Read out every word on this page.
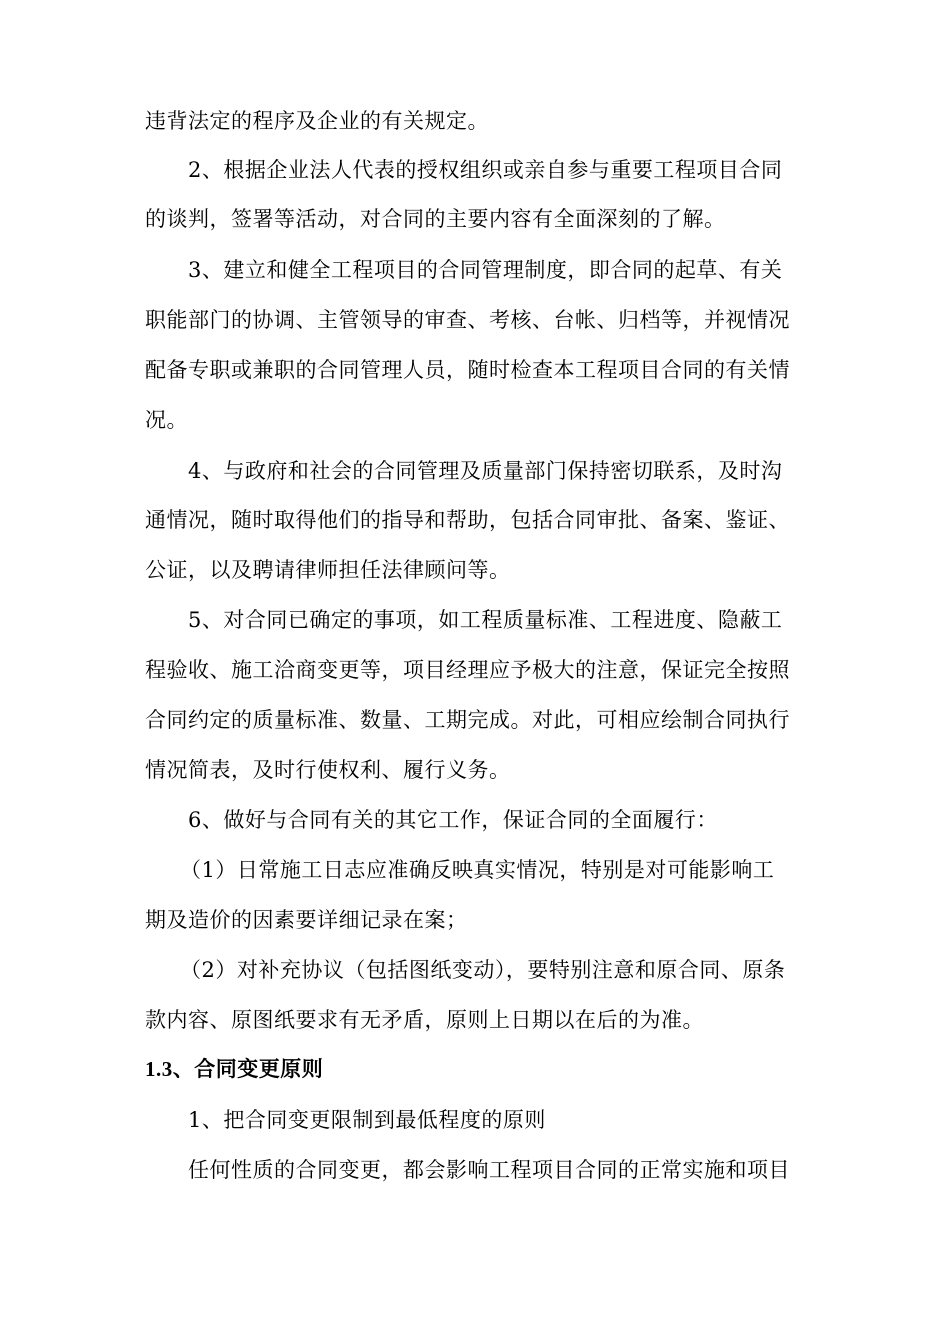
违背法定的程序及企业的有关规定。
2、根据企业法人代表的授权组织或亲自参与重要工程项目合同
的谈判，签署等活动，对合同的主要内容有全面深刻的了解。
3、建立和健全工程项目的合同管理制度，即合同的起草、有关
职能部门的协调、主管领导的审查、考核、台帐、归档等，并视情况
配备专职或兼职的合同管理人员，随时检查本工程项目合同的有关情
况。
4、与政府和社会的合同管理及质量部门保持密切联系，及时沟
通情况，随时取得他们的指导和帮助，包括合同审批、备案、鉴证、
公证，以及聘请律师担任法律顾问等。
5、对合同已确定的事项，如工程质量标准、工程进度、隐蔽工
程验收、施工洽商变更等，项目经理应予极大的注意，保证完全按照
合同约定的质量标准、数量、工期完成。对此，可相应绘制合同执行
情况简表，及时行使权利、履行义务。
6、做好与合同有关的其它工作，保证合同的全面履行：
（1）日常施工日志应准确反映真实情况，特别是对可能影响工
期及造价的因素要详细记录在案；
（2）对补充协议（包括图纸变动），要特别注意和原合同、原条
款内容、原图纸要求有无矛盾，原则上日期以在后的为准。
1.3、合同变更原则
1、把合同变更限制到最低程度的原则
任何性质的合同变更，都会影响工程项目合同的正常实施和项目
